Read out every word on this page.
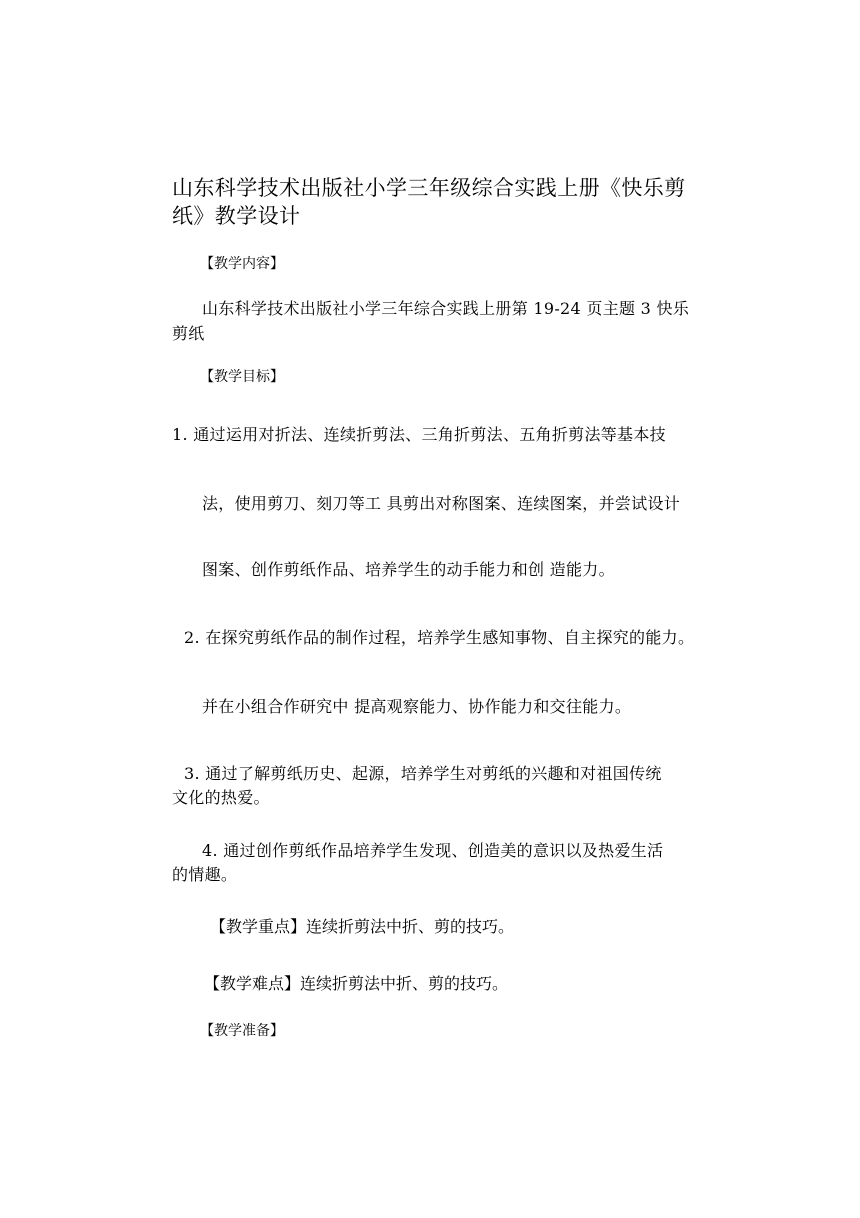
山东科学技术出版社小学三年级综合实践上册《快乐剪
纸》教学设计
【教学内容】
山东科学技术出版社小学三年综合实践上册第 19-24 页主题 3 快乐
剪纸
【教学目标】
1. 通过运用对折法、连续折剪法、三角折剪法、五角折剪法等基本技
法，使用剪刀、刻刀等工 具剪出对称图案、连续图案，并尝试设计
图案、创作剪纸作品、培养学生的动手能力和创 造能力。
2. 在探究剪纸作品的制作过程，培养学生感知事物、自主探究的能力。
并在小组合作研究中 提高观察能力、协作能力和交往能力。
3. 通过了解剪纸历史、起源，培养学生对剪纸的兴趣和对祖国传统
文化的热爱。
4. 通过创作剪纸作品培养学生发现、创造美的意识以及热爱生活
的情趣。
【教学重点】连续折剪法中折、剪的技巧。
【教学难点】连续折剪法中折、剪的技巧。
【教学准备】
